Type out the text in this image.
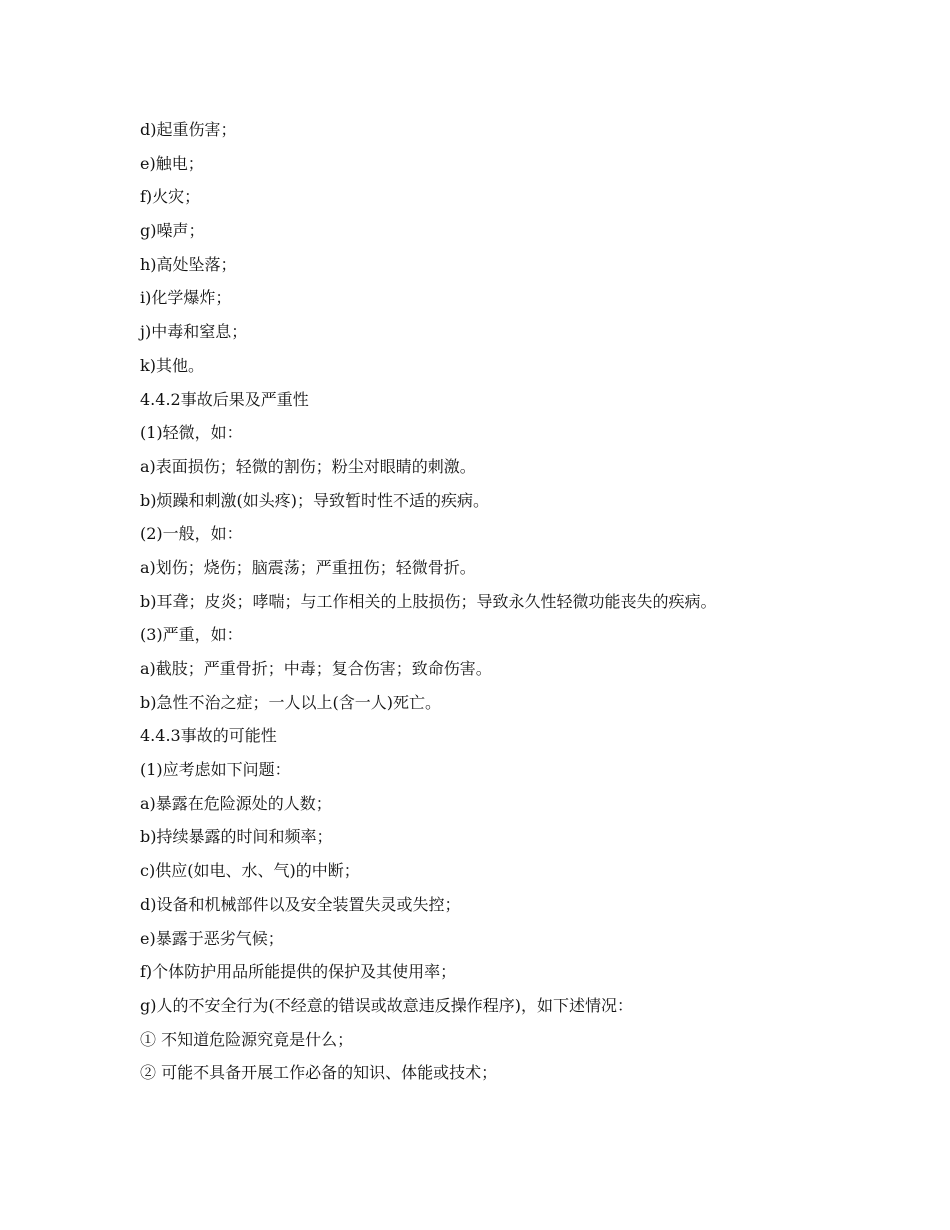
d)起重伤害；
e)触电；
f)火灾；
g)噪声；
h)高处坠落；
i)化学爆炸；
j)中毒和窒息；
k)其他。
4.4.2事故后果及严重性
(1)轻微，如：
a)表面损伤；轻微的割伤；粉尘对眼睛的刺激。
b)烦躁和刺激(如头疼)；导致暂时性不适的疾病。
(2)一般，如：
a)划伤；烧伤；脑震荡；严重扭伤；轻微骨折。
b)耳聋；皮炎；哮喘；与工作相关的上肢损伤；导致永久性轻微功能丧失的疾病。
(3)严重，如：
a)截肢；严重骨折；中毒；复合伤害；致命伤害。
b)急性不治之症；一人以上(含一人)死亡。
4.4.3事故的可能性
(1)应考虑如下问题：
a)暴露在危险源处的人数；
b)持续暴露的时间和频率；
c)供应(如电、水、气)的中断；
d)设备和机械部件以及安全装置失灵或失控；
e)暴露于恶劣气候；
f)个体防护用品所能提供的保护及其使用率；
g)人的不安全行为(不经意的错误或故意违反操作程序)，如下述情况：
① 不知道危险源究竟是什么；
② 可能不具备开展工作必备的知识、体能或技术；
